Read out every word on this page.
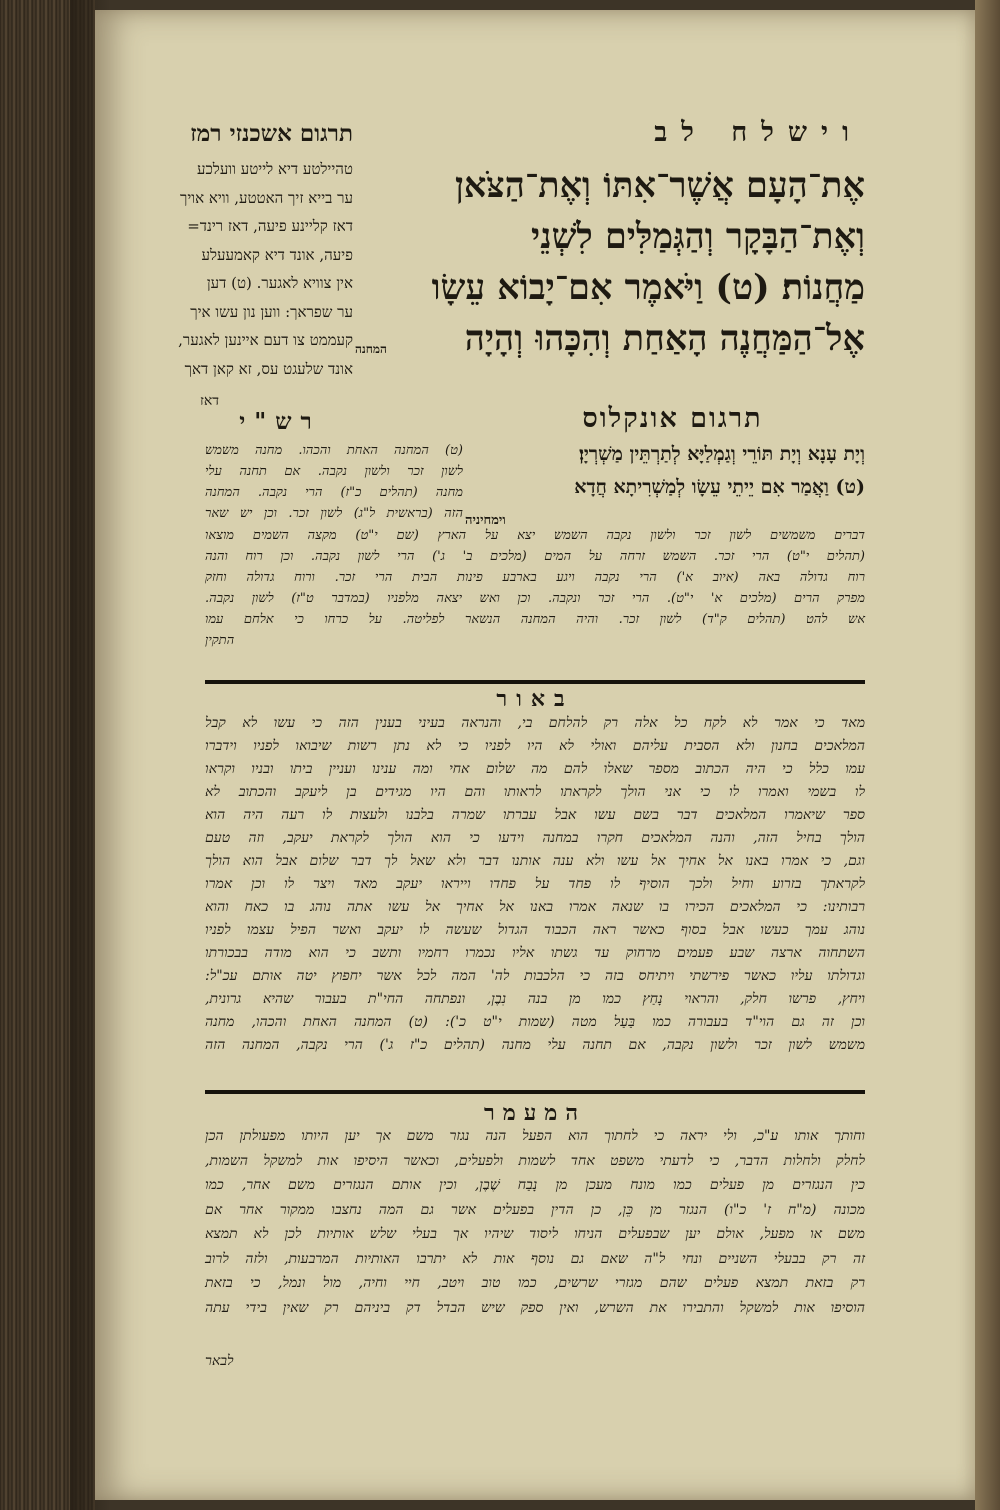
וישלח לב
תרגום אשכנזי רמז
אֶת־הָעָם אֲשֶׁר־אִתּוֹ וְאֶת־הַצֹּאן
וְאֶת־הַבָּקָר וְהַגְּמַלִּים לִשְׁנֵי
מַחֲנוֹת׃ (ט) וַיֹּאמֶר אִם־יָבוֹא עֵשָׂו
אֶל־הַמַּחֲנֶה הָאַחַת וְהִכָּהוּ וְהָיָה
המחנה
טהיילטע דיא לייטע וועלכע
ער בייא זיך האטטע, וויא אויך
דאז קליינע פיעה, דאז רינד=
פיעה, אונד דיא קאמעעלע
אין צוויא לאגער. (ט) דען
ער שפראך: ווען נון עשו איך
קעממט צו דעם איינען לאגער,
אונד שלעגט עס, זא קאן דאך
דאז
תרגום אונקלוס
וְיָת עָנָא וְיָת תּוֹרֵי וְגַמְלַיָּא לְתַרְתֵּין מַשְׁרְיָן׃
(ט) וַאֲמַר אִם יֵיתֵי עֵשָׂו לְמַשְׁרִיתָא חֲדָא
וימחיניה
רש"י
(ט) המחנה האחת והכהו. מחנה משמש
לשון זכר ולשון נקבה. אם תחנה עלי
מחנה (תהלים כ"ז) הרי נקבה. המחנה
הזה (בראשית ל"ג) לשון זכר. וכן יש שאר
דברים משמשים לשון זכר ולשון נקבה השמש יצא על הארץ (שם י"ט) מקצה השמים מוצאו
(תהלים י"ט) הרי זכר. השמש זרחה על המים (מלכים ב' ג') הרי לשון נקבה. וכן רוח והנה
רוח גדולה באה (איוב א') הרי נקבה ויגע בארבע פינות הבית הרי זכר. ורוח גדולה וחזק
מפרק הרים (מלכים א' י"ט). הרי זכר ונקבה. וכן ואש יצאה מלפניו (במדבר ט"ז) לשון נקבה.
אש להט (תהלים ק"ד) לשון זכר. והיה המחנה הנשאר לפליטה. על כרחו כי אלחם עמו
התקין
באור
מאד כי אמר לא לקח כל אלה רק להלחם בי, והנראה בעיני בענין הזה כי עשו לא קבל
המלאכים בחנון ולא הסבית עליהם ואולי לא היו לפניו כי לא נתן רשות שיבואו לפניו וידברו
עמו כלל כי היה הכתוב מספר שאלו להם מה שלום אחי ומה ענינו ועניין ביתו ובניו וקראו
לו בשמי ואמרו לו כי אני הולך לקראתו לראותו והם היו מגידים בן ליעקב והכתוב לא
ספר שיאמרו המלאכים דבר בשם עשו אבל עברתו שמרה בלבנו ולעצות לו רעה היה הוא
הולך בחיל הזה, והנה המלאכים חקרו במחנה וידעו כי הוא הולך לקראת יעקב, וזה טעם
וגם, כי אמרו באנו אל אחיך אל עשו ולא ענה אותנו דבר ולא שאל לך דבר שלום אבל הוא הולך
לקראתך בזרוע וחיל ולכך הוסיף לו פחד על פחדו וייראו יעקב מאד ויצר לו וכן אמרו
רבותינו: כי המלאכים הכירו בו שנאה אמרו באנו אל אחיך אל עשו אתה נוהג בו כאח והוא
נוהג עמך כעשו אבל בסוף כאשר ראה הכבוד הגדול שעשה לו יעקב ואשר הפיל עצמו לפניו
השתחוה ארצה שבע פעמים מרחוק עד גשתו אליו נכמרו רחמיו ותשב כי הוא מודה בבכורתו
וגדולתו עליו כאשר פירשתי ויתיחס בזה כי הלכבות לה' המה לכל אשר יחפוץ יטה אותם עכ"ל:
ויחץ, פרשו חלק, והראוי נָחַץ כמו מן בנה נִבֶן, ונפתחה החי"ת בעבור שהיא גרונית,
וכן זה גם הוי"ד בעבורה כמו בַּעַל מטה (שמות י"ט כ'): (ט) המחנה האחת והכהו, מחנה
משמש לשון זכר ולשון נקבה, אם תחנה עלי מחנה (תהלים כ"ז ג') הרי נקבה, המחנה הזה
המעמר
וחותך אותו ע"כ, ולי יראה כי לחתוך הוא הפעל הנה נגזר משם אך יען היותו מפעולתן הכן
לחלק ולחלות הדבר, כי לדעתי משפט אחד לשמות ולפעלים, וכאשר היסיפו אות למשקל השמות,
כין הנגזרים מן פעלים כמו מונח מעכן מן נָבַח שֶׁבֶן, וכין אותם הנגזרים משם אחר, כמו
מכונה (מ"ח ז' כ"ו) הנגזר מן כֵּן, כן הדין בפעלים אשר גם המה נחצבו ממקור אחר אם
משם או מפעל, אולם יען שבפעלים הניחו ליסוד שיהיו אך בעלי שלש אותיות לכן לא תמצא
זה רק בבעלי השניים ונחי ל"ה שאם גם נוסף אות לא יתרבו האותיות המרבעות, ולזה לרוב
רק בזאת תמצא פעלים שהם מגזרי שרשים, כמו טוב ויטב, חיי וחיה, מול ונמל, כי בזאת
הוסיפו אות למשקל והתבירו את השרש, ואין ספק שיש הבדל דק ביניהם רק שאין בידי עתה
לבאר
